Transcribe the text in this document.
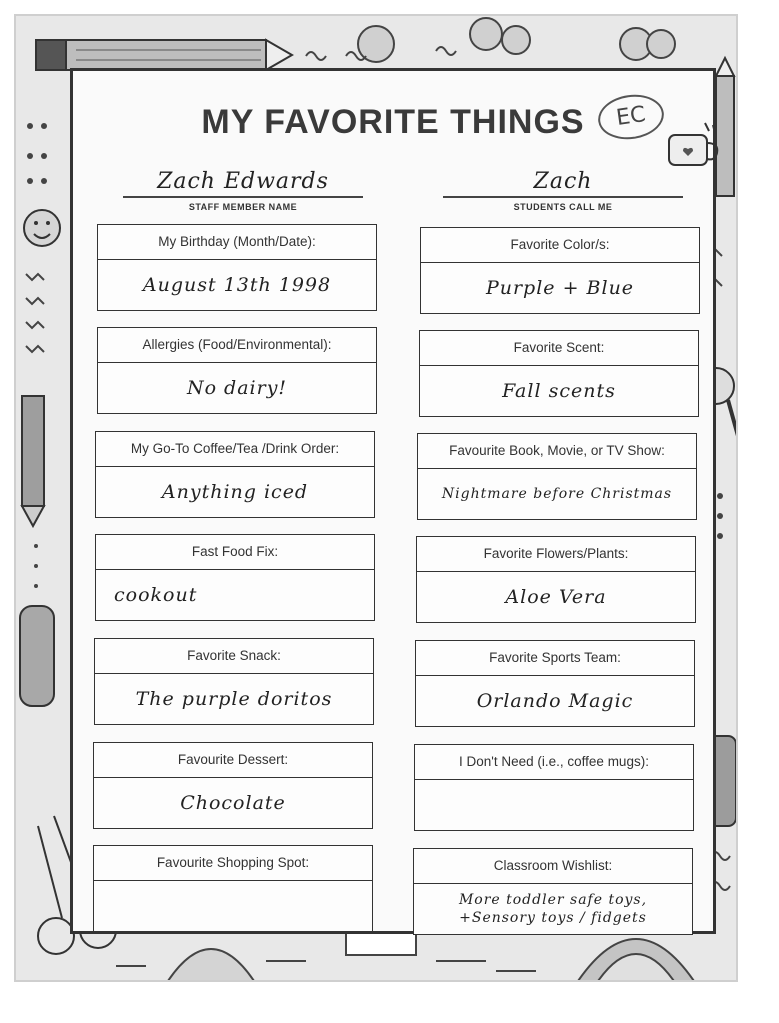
MY FAVORITE THINGS	EC
Zach Edwards
STAFF MEMBER NAME
Zach
STUDENTS CALL ME
My Birthday (Month/Date):
August 13th 1998
Allergies (Food/Environmental):
No dairy!
My Go-To Coffee/Tea /Drink Order:
Anything iced
Fast Food Fix:
cookout
Favorite Snack:
The purple doritos
Favourite Dessert:
Chocolate
Favourite Shopping Spot:
Favorite Color/s:
Purple + Blue
Favorite Scent:
Fall scents
Favourite Book, Movie, or TV Show:
Nightmare before Christmas
Favorite Flowers/Plants:
Aloe Vera
Favorite Sports Team:
Orlando Magic
I Don't Need (i.e., coffee mugs):
Classroom Wishlist:
More toddler safe toys,
+Sensory toys / fidgets
